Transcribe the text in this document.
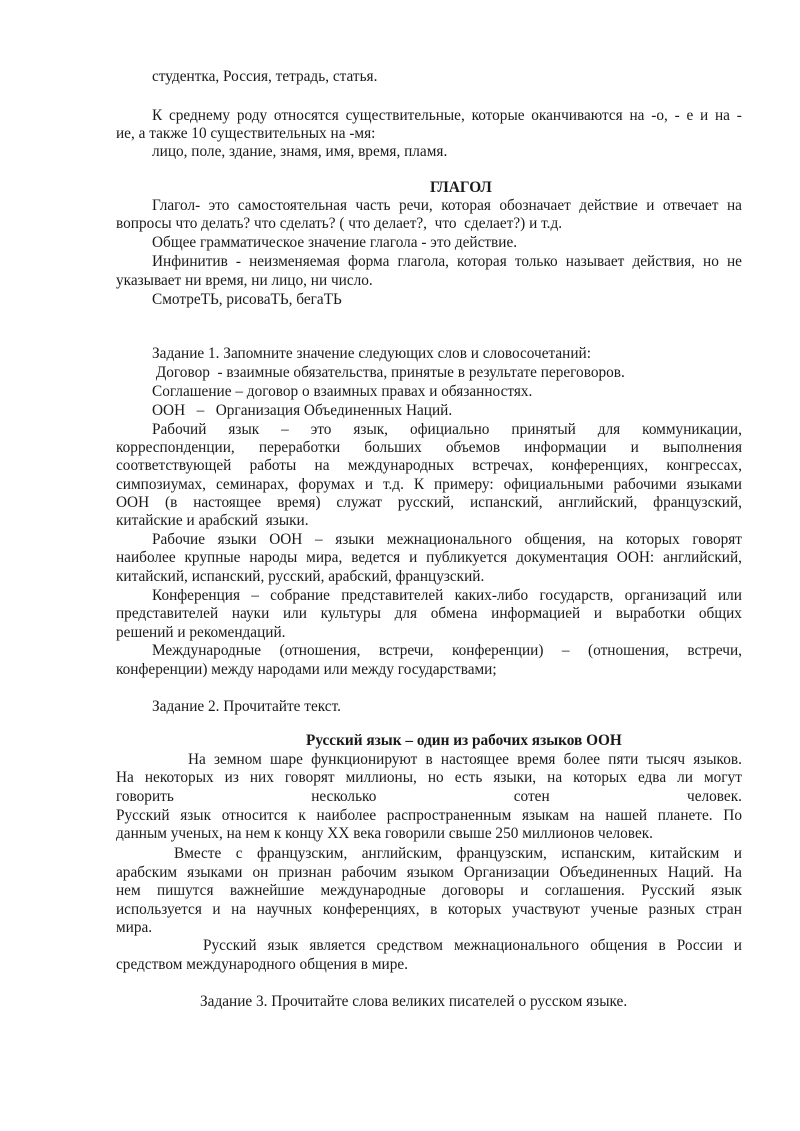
студентка, Россия, тетрадь, статья.
К среднему роду относятся существительные, которые оканчиваются на -о, - е и на -
ие, а также 10 существительных на -мя:
лицо, поле, здание, знамя, имя, время, пламя.
ГЛАГОЛ
Глагол- это самостоятельная часть речи, которая обозначает действие и отвечает на
вопросы что делать? что сделать? ( что делает?,  что  сделает?) и т.д.
Общее грамматическое значение глагола - это действие.
Инфинитив - неизменяемая форма глагола, которая только называет действия, но не
указывает ни время, ни лицо, ни число.
СмотреТЬ, рисоваТЬ, бегаТЬ
Задание 1. Запомните значение следующих слов и словосочетаний:
Договор  - взаимные обязательства, принятые в результате переговоров.
Соглашение – договор о взаимных правах и обязанностях.
ООН   –   Организация Объединенных Наций.
Рабочий язык – это язык, официально принятый для коммуникации,
корреспонденции, переработки больших объемов информации и выполнения
соответствующей работы на международных встречах, конференциях, конгрессах,
симпозиумах, семинарах, форумах и т.д. К примеру: официальными рабочими языками
ООН (в настоящее время) служат русский, испанский, английский, французский,
китайские и арабский  языки.
Рабочие языки ООН – языки межнационального общения, на которых говорят
наиболее крупные народы мира, ведется и публикуется документация ООН: английский,
китайский, испанский, русский, арабский, французский.
Конференция – собрание представителей каких-либо государств, организаций или
представителей науки или культуры для обмена информацией и выработки общих
решений и рекомендаций.
Международные (отношения, встречи, конференции) – (отношения, встречи,
конференции) между народами или между государствами;
Задание 2. Прочитайте текст.
Русский язык – один из рабочих языков ООН
На земном шаре функционируют в настоящее время более пяти тысяч языков.
На некоторых из них говорят миллионы, но есть языки, на которых едва ли могут
говорить	несколько	сотен	человек.
Русский язык относится к наиболее распространенным языкам на нашей планете. По
данным ученых, на нем к концу ХХ века говорили свыше 250 миллионов человек.
Вместе с французским, английским, французским, испанским, китайским и
арабским языками он признан рабочим языком Организации Объединенных Наций. На
нем пишутся важнейшие международные договоры и соглашения. Русский язык
используется и на научных конференциях, в которых участвуют ученые разных стран
мира.
Русский язык является средством межнационального общения в России и
средством международного общения в мире.
Задание 3. Прочитайте слова великих писателей о русском языке.
